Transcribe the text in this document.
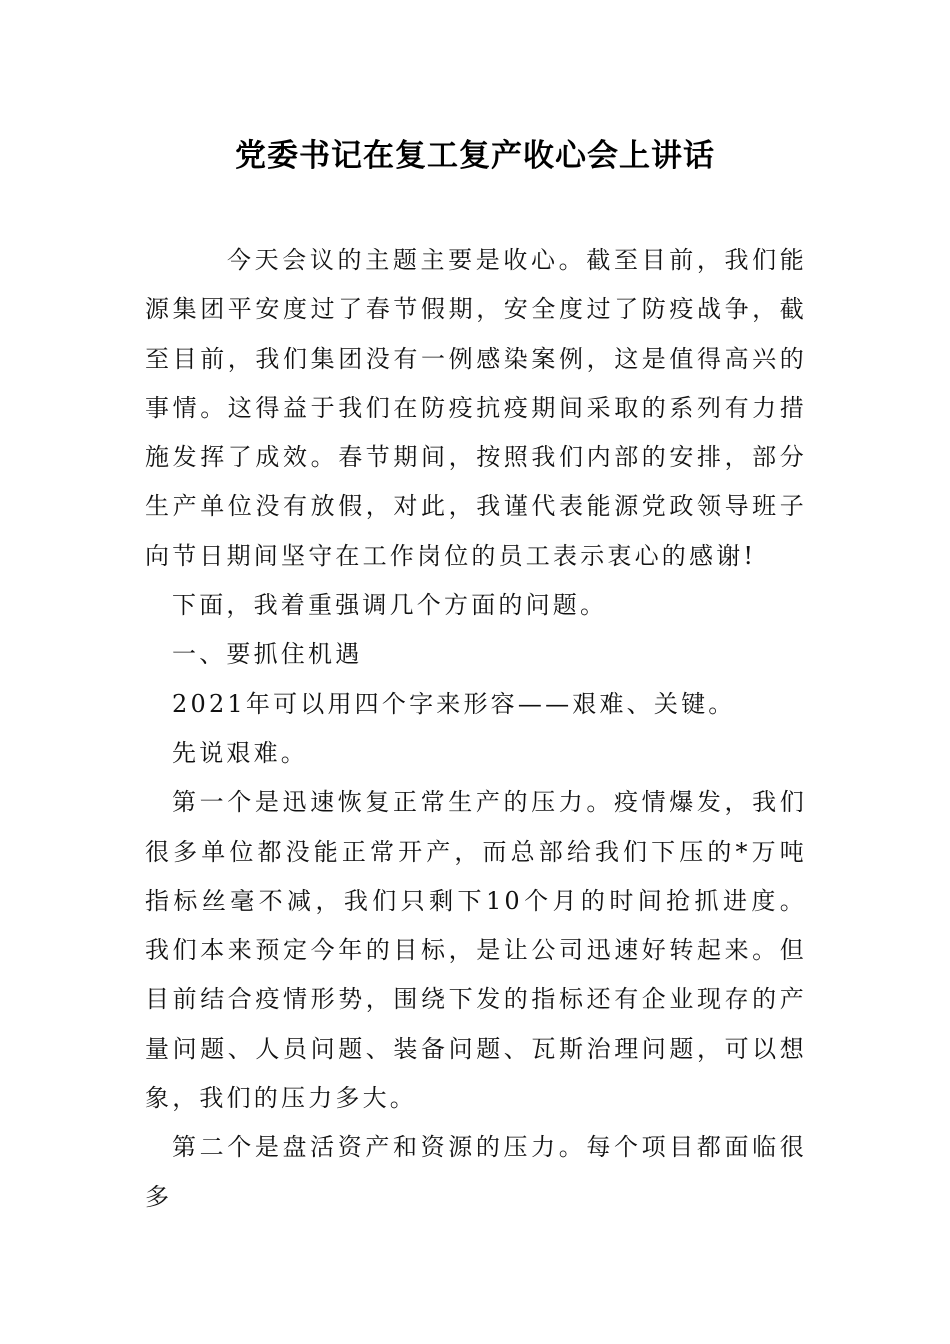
党委书记在复工复产收心会上讲话

今天会议的主题主要是收心。截至目前，我们能源集团平安度过了春节假期，安全度过了防疫战争，截至目前，我们集团没有一例感染案例，这是值得高兴的事情。这得益于我们在防疫抗疫期间采取的系列有力措施发挥了成效。春节期间，按照我们内部的安排，部分生产单位没有放假，对此，我谨代表能源党政领导班子向节日期间坚守在工作岗位的员工表示衷心的感谢!

下面，我着重强调几个方面的问题。

一、要抓住机遇

2021年可以用四个字来形容——艰难、关键。

先说艰难。

第一个是迅速恢复正常生产的压力。疫情爆发，我们很多单位都没能正常开产，而总部给我们下压的*万吨指标丝毫不减，我们只剩下10个月的时间抢抓进度。我们本来预定今年的目标，是让公司迅速好转起来。但目前结合疫情形势，围绕下发的指标还有企业现存的产量问题、人员问题、装备问题、瓦斯治理问题，可以想象，我们的压力多大。

第二个是盘活资产和资源的压力。每个项目都面临很多
